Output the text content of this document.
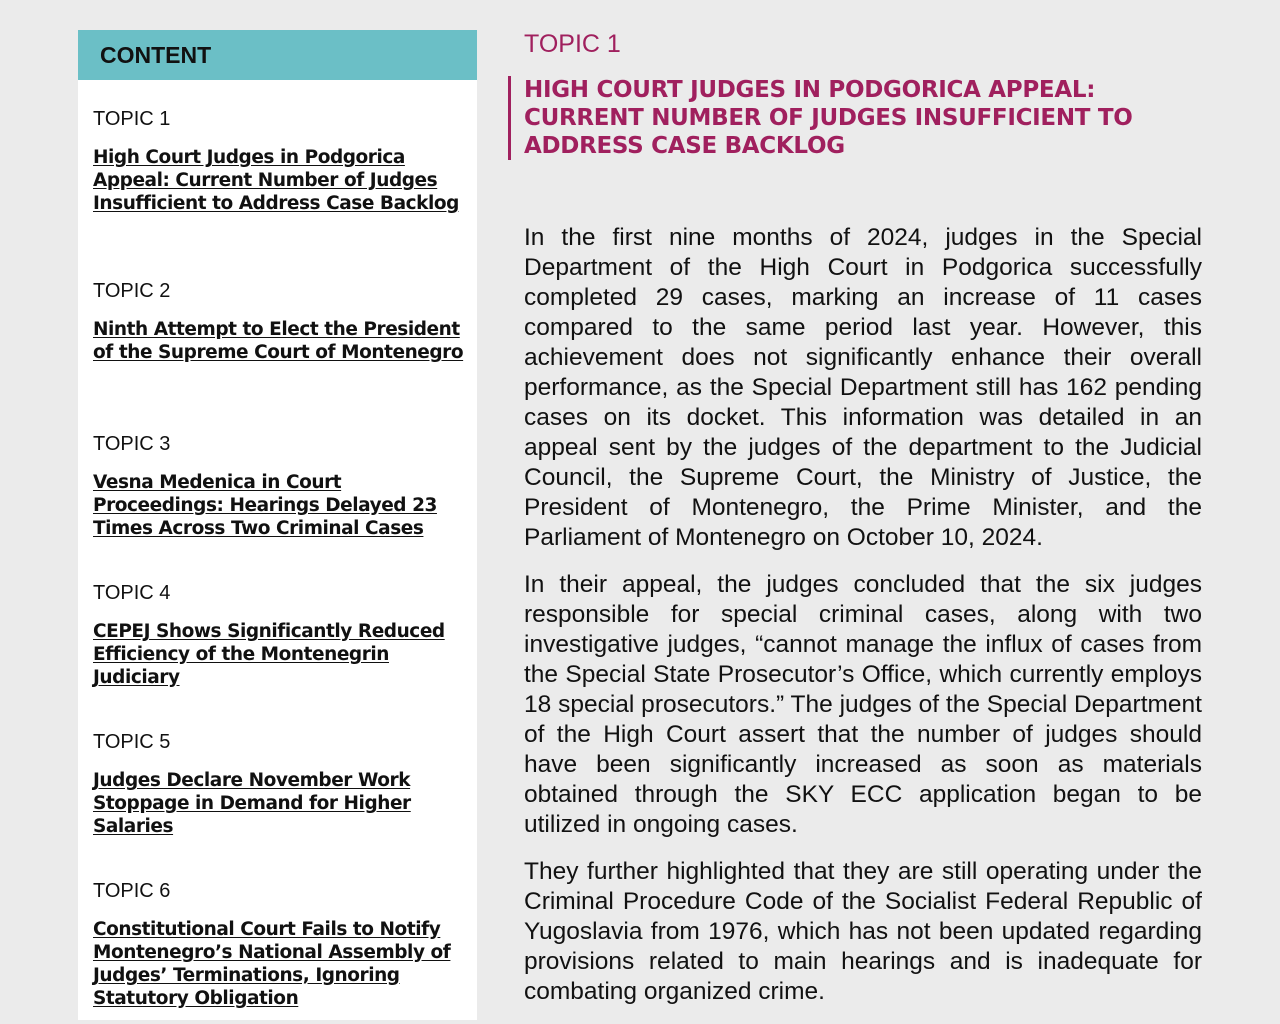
CONTENT
TOPIC 1
High Court Judges in Podgorica Appeal: Current Number of Judges Insufficient to Address Case Backlog
TOPIC 2
Ninth Attempt to Elect the President of the Supreme Court of Montenegro
TOPIC 3
Vesna Medenica in Court Proceedings: Hearings Delayed 23 Times Across Two Criminal Cases
TOPIC 4
CEPEJ Shows Significantly Reduced Efficiency of the Montenegrin Judiciary
TOPIC 5
Judges Declare November Work Stoppage in Demand for Higher Salaries
TOPIC 6
Constitutional Court Fails to Notify Montenegro’s National Assembly of Judges’ Terminations, Ignoring Statutory Obligation
TOPIC 1
HIGH COURT JUDGES IN PODGORICA APPEAL: CURRENT NUMBER OF JUDGES INSUFFICIENT TO ADDRESS CASE BACKLOG

In the first nine months of 2024, judges in the Special Department of the High Court in Podgorica successfully completed 29 cases, marking an increase of 11 cases compared to the same period last year. However, this achievement does not significantly enhance their overall performance, as the Special Department still has 162 pending cases on its docket. This information was detailed in an appeal sent by the judges of the department to the Judicial Council, the Supreme Court, the Ministry of Justice, the President of Montenegro, the Prime Minister, and the Parliament of Montenegro on October 10, 2024.

In their appeal, the judges concluded that the six judges responsible for special criminal cases, along with two investigative judges, “cannot manage the influx of cases from the Special State Prosecutor’s Office, which currently employs 18 special prosecutors.” The judges of the Special Department of the High Court assert that the number of judges should have been significantly increased as soon as materials obtained through the SKY ECC application began to be utilized in ongoing cases.

They further highlighted that they are still operating under the Criminal Procedure Code of the Socialist Federal Republic of Yugoslavia from 1976, which has not been updated regarding provisions related to main hearings and is inadequate for combating organized crime.
